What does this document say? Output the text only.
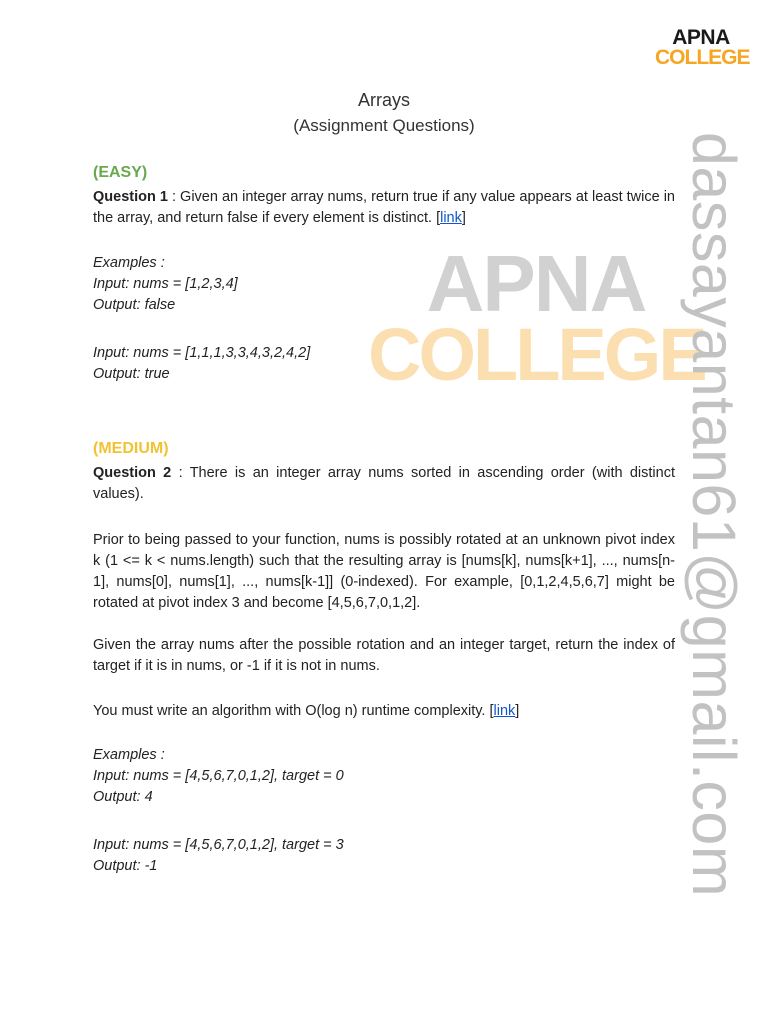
APNA
COLLEGE
APNA
COLLEGE
dassayantan61@gmail.com
Arrays
(Assignment Questions)
(EASY)
Question 1 : Given an integer array nums, return true if any value appears at least twice in the array, and return false if every element is distinct. [link]
Examples :
Input: nums = [1,2,3,4]
Output: false
Input: nums = [1,1,1,3,3,4,3,2,4,2]
Output: true
(MEDIUM)
Question 2 : There is an integer array nums sorted in ascending order (with distinct values).
Prior to being passed to your function, nums is possibly rotated at an unknown pivot index k (1 <= k < nums.length) such that the resulting array is [nums[k], nums[k+1], ..., nums[n-1], nums[0], nums[1], ..., nums[k-1]] (0-indexed). For example, [0,1,2,4,5,6,7] might be rotated at pivot index 3 and become [4,5,6,7,0,1,2].
Given the array nums after the possible rotation and an integer target, return the index of target if it is in nums, or -1 if it is not in nums.
You must write an algorithm with O(log n) runtime complexity. [link]
Examples :
Input: nums = [4,5,6,7,0,1,2], target = 0
Output: 4
Input: nums = [4,5,6,7,0,1,2], target = 3
Output: -1
